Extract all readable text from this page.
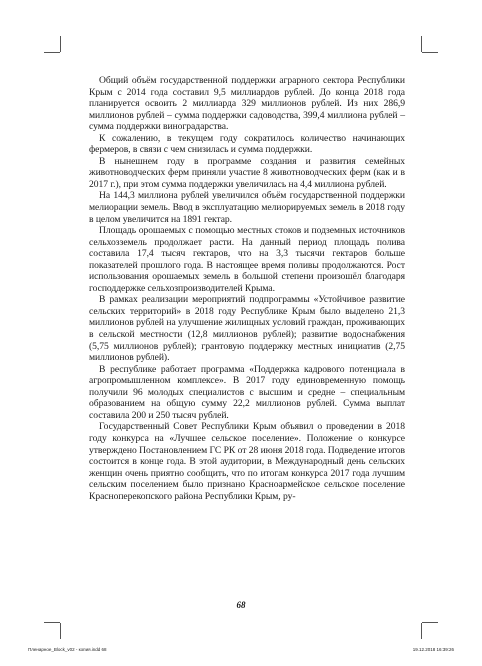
Общий объём государственной поддержки аграрного сектора Республики Крым с 2014 года составил 9,5 миллиардов рублей. До конца 2018 года планируется освоить 2 миллиарда 329 миллионов рублей. Из них 286,9 миллионов рублей – сумма поддержки садоводства, 399,4 миллиона рублей – сумма поддержки виноградарства.

К сожалению, в текущем году сократилось количество начинающих фермеров, в связи с чем снизилась и сумма поддержки.

В нынешнем году в программе создания и развития семейных животноводческих ферм приняли участие 8 животноводческих ферм (как и в 2017 г.), при этом сумма поддержки увеличилась на 4,4 миллиона рублей.

На 144,3 миллиона рублей увеличился объём государственной поддержки мелиорации земель. Ввод в эксплуатацию мелиорируемых земель в 2018 году в целом увеличится на 1891 гектар.

Площадь орошаемых с помощью местных стоков и подземных источников сельхозземель продолжает расти. На данный период площадь полива составила 17,4 тысяч гектаров, что на 3,3 тысячи гектаров больше показателей прошлого года. В настоящее время поливы продолжаются. Рост использования орошаемых земель в большой степени произошёл благодаря господдержке сельхозпроизводителей Крыма.

В рамках реализации мероприятий подпрограммы «Устойчивое развитие сельских территорий» в 2018 году Республике Крым было выделено 21,3 миллионов рублей на улучшение жилищных условий граждан, проживающих в сельской местности (12,8 миллионов рублей); развитие водоснабжения (5,75 миллионов рублей); грантовую поддержку местных инициатив (2,75 миллионов рублей).

В республике работает программа «Поддержка кадрового потенциала в агропромышленном комплексе». В 2017 году единовременную помощь получили 96 молодых специалистов с высшим и средне – специальным образованием на общую сумму 22,2 миллионов рублей. Сумма выплат составила 200 и 250 тысяч рублей.

Государственный Совет Республики Крым объявил о проведении в 2018 году конкурса на «Лучшее сельское поселение». Положение о конкурсе утверждено Постановлением ГС РК от 28 июня 2018 года. Подведение итогов состоится в конце года. В этой аудитории, в Международный день сельских женщин очень приятно сообщить, что по итогам конкурса 2017 года лучшим сельским поселением было признано Красноармейское сельское поселение Красноперекопского района Республики Крым, ру-

68
Пленарное_Block_v02 - копия.indd 68	19.12.2018 16:39:26
